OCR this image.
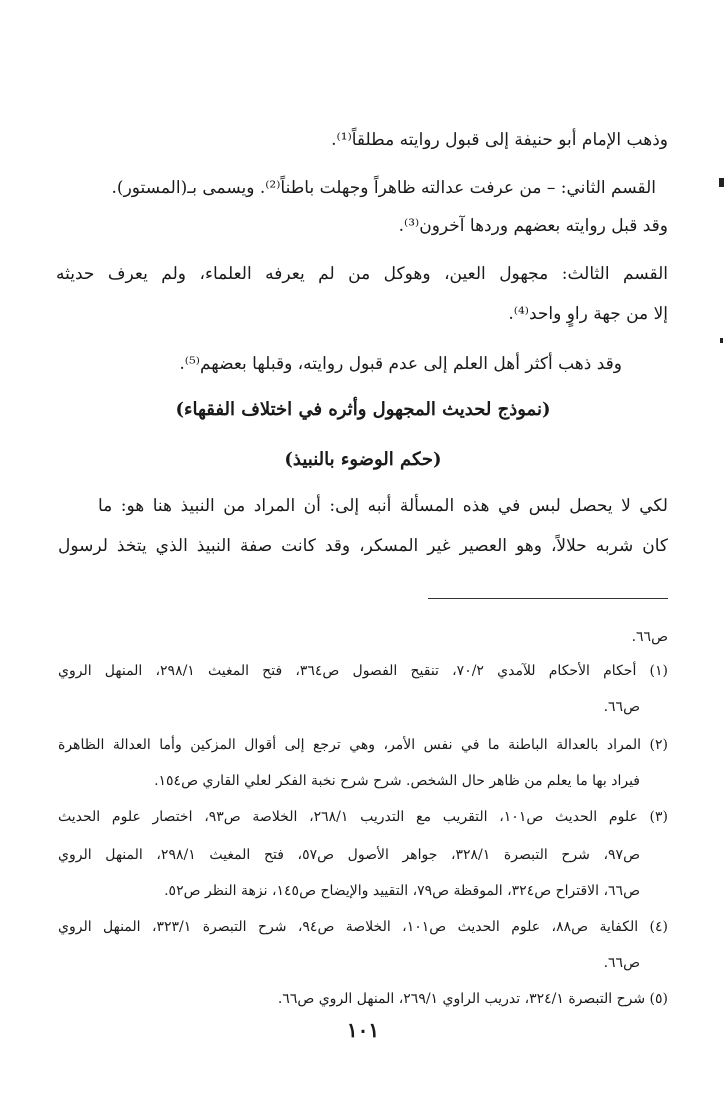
وذهب الإمام أبو حنيفة إلى قبول روايته مطلقاً⁽¹⁾.
القسم الثاني: – من عرفت عدالته ظاهراً وجهلت باطناً⁽²⁾. ويسمى بـ(المستور).
وقد قبل روايته بعضهم وردها آخرون⁽³⁾.
القسم الثالث: مجهول العين، وهوكل من لم يعرفه العلماء، ولم يعرف حديثه
إلا من جهة راوٍ واحد⁽⁴⁾.
وقد ذهب أكثر أهل العلم إلى عدم قبول روايته، وقبلها بعضهم⁽⁵⁾.
(نموذج لحديث المجهول وأثره في اختلاف الفقهاء)
(حكم الوضوء بالنبيذ)
لكي لا يحصل لبس في هذه المسألة أنبه إلى: أن المراد من النبيذ هنا هو: ما
كان شربه حلالاً، وهو العصير غير المسكر، وقد كانت صفة النبيذ الذي يتخذ لرسول
ص٦٦.
(١) أحكام الأحكام للآمدي ٧٠/٢، تنقيح الفصول ص٣٦٤، فتح المغيث ٢٩٨/١، المنهل الروي
ص٦٦.
(٢) المراد بالعدالة الباطنة ما في نفس الأمر، وهي ترجع إلى أقوال المزكين وأما العدالة الظاهرة
فيراد بها ما يعلم من ظاهر حال الشخص. شرح شرح نخبة الفكر لعلي القاري ص١٥٤.
(٣) علوم الحديث ص١٠١، التقريب مع التدريب ٢٦٨/١، الخلاصة ص٩٣، اختصار علوم الحديث
ص٩٧، شرح التبصرة ٣٢٨/١، جواهر الأصول ص٥٧، فتح المغيث ٢٩٨/١، المنهل الروي
ص٦٦، الاقتراح ص٣٢٤، الموقظة ص٧٩، التقييد والإيضاح ص١٤٥، نزهة النظر ص٥٢.
(٤) الكفاية ص٨٨، علوم الحديث ص١٠١، الخلاصة ص٩٤، شرح التبصرة ٣٢٣/١، المنهل الروي
ص٦٦.
(٥) شرح التبصرة ٣٢٤/١، تدريب الراوي ٢٦٩/١، المنهل الروي ص٦٦.
١٠١
